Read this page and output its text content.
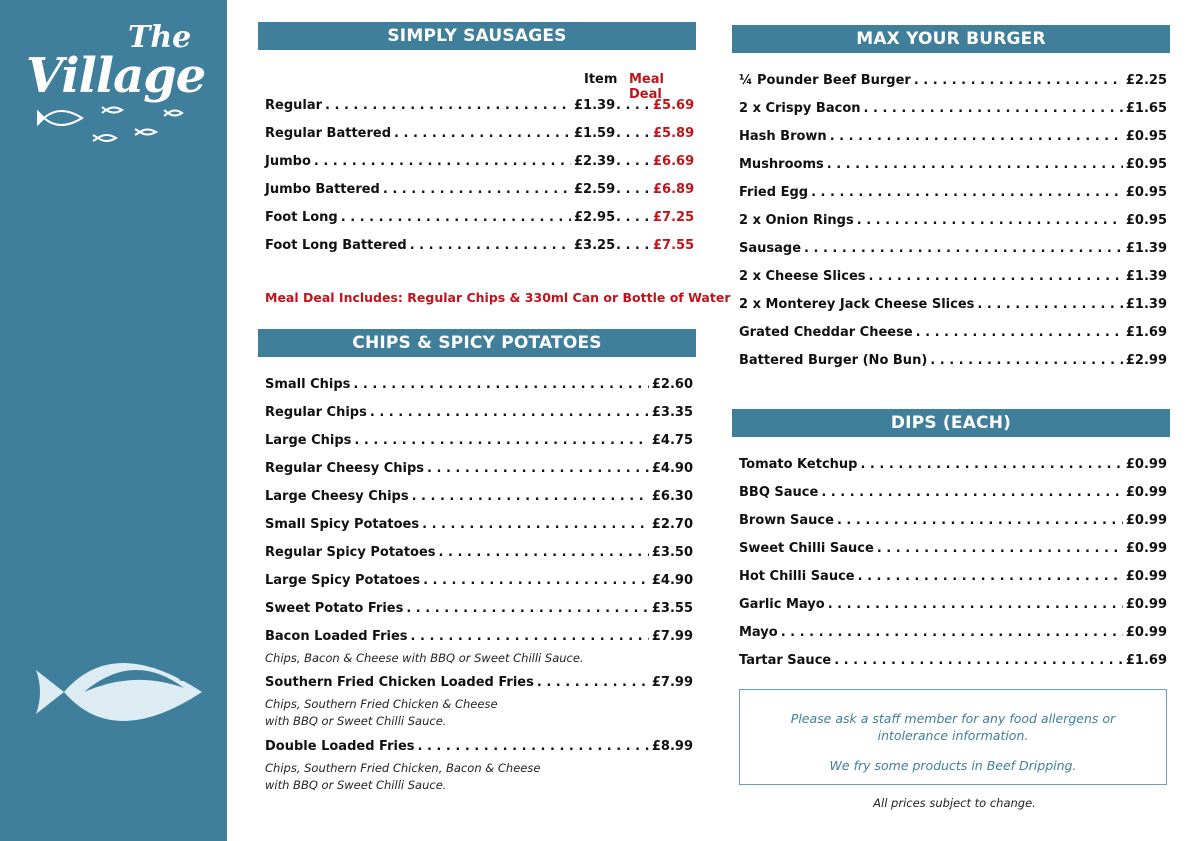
The
Village
SIMPLY SAUSAGES
Item Meal Deal
Regular . . .	£1.39 . . .	£5.69
Regular Battered . . .	£1.59 . . .	£5.89
Jumbo . . .	£2.39 . . .	£6.69
Jumbo Battered . . .	£2.59 . . .	£6.89
Foot Long . . .	£2.95 . . .	£7.25
Foot Long Battered . . .	£3.25 . . .	£7.55
Meal Deal Includes: Regular Chips & 330ml Can or Bottle of Water
CHIPS & SPICY POTATOES
Small Chips . . .	£2.60
Regular Chips . . .	£3.35
Large Chips . . .	£4.75
Regular Cheesy Chips . . .	£4.90
Large Cheesy Chips . . .	£6.30
Small Spicy Potatoes . . .	£2.70
Regular Spicy Potatoes . . .	£3.50
Large Spicy Potatoes . . .	£4.90
Sweet Potato Fries . . .	£3.55
Bacon Loaded Fries . . .	£7.99
Chips, Bacon & Cheese with BBQ or Sweet Chilli Sauce.
Southern Fried Chicken Loaded Fries . . .	£7.99
Chips, Southern Fried Chicken & Cheese
with BBQ or Sweet Chilli Sauce.
Double Loaded Fries . . .	£8.99
Chips, Southern Fried Chicken, Bacon & Cheese
with BBQ or Sweet Chilli Sauce.
MAX YOUR BURGER
¼ Pounder Beef Burger . . .	£2.25
2 x Crispy Bacon . . .	£1.65
Hash Brown . . .	£0.95
Mushrooms . . .	£0.95
Fried Egg . . .	£0.95
2 x Onion Rings . . .	£0.95
Sausage . . .	£1.39
2 x Cheese Slices . . .	£1.39
2 x Monterey Jack Cheese Slices . . .	£1.39
Grated Cheddar Cheese . . .	£1.69
Battered Burger (No Bun) . . .	£2.99
DIPS (EACH)
Tomato Ketchup . . .	£0.99
BBQ Sauce . . .	£0.99
Brown Sauce . . .	£0.99
Sweet Chilli Sauce . . .	£0.99
Hot Chilli Sauce . . .	£0.99
Garlic Mayo . . .	£0.99
Mayo . . .	£0.99
Tartar Sauce . . .	£1.69
Please ask a staff member for any food allergens or
intolerance information.
We fry some products in Beef Dripping.
All prices subject to change.
